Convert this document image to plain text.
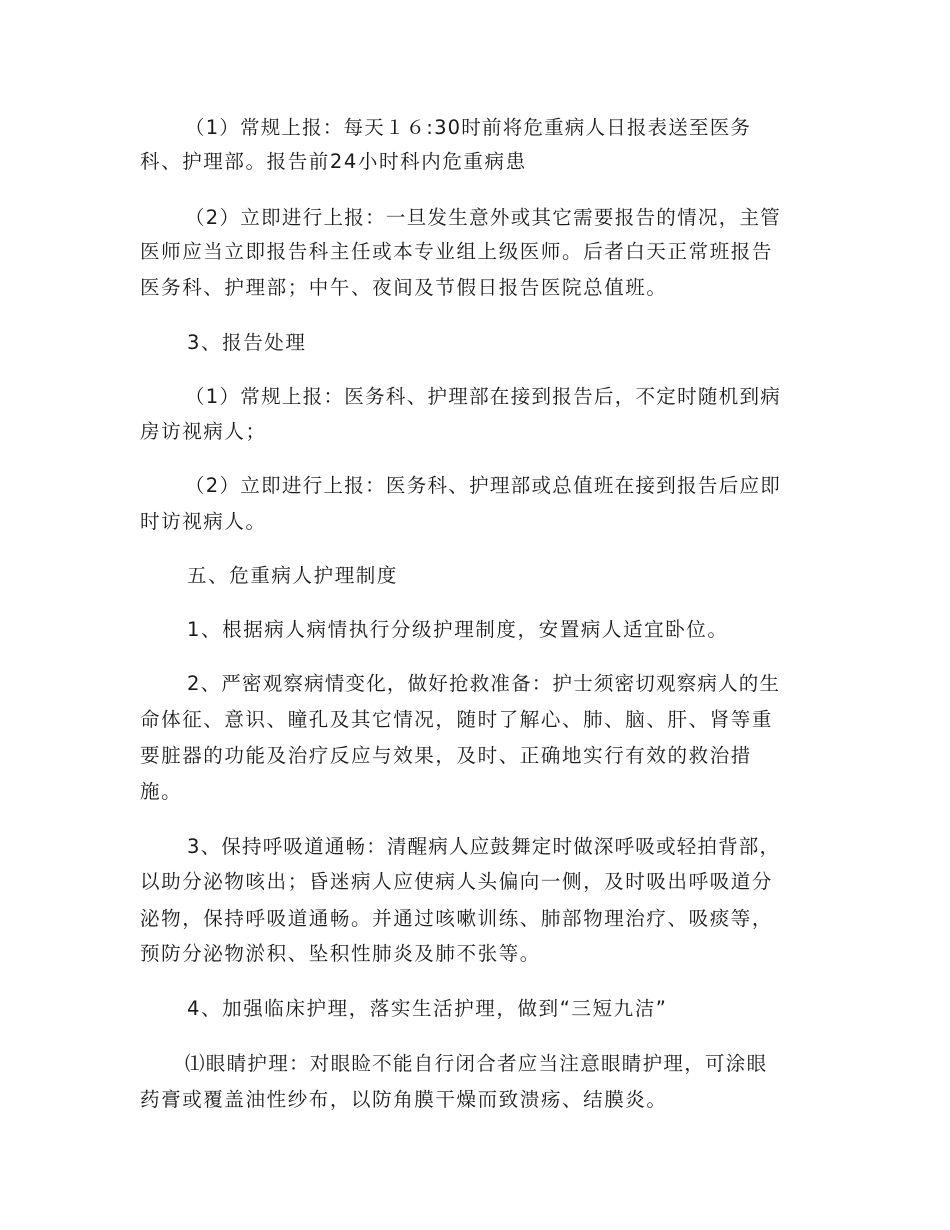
（1）常规上报：每天１６:30时前将危重病人日报表送至医务

科、护理部。报告前24小时科内危重病患

（2）立即进行上报：一旦发生意外或其它需要报告的情况，主管

医师应当立即报告科主任或本专业组上级医师。后者白天正常班报告

医务科、护理部；中午、夜间及节假日报告医院总值班。

3、报告处理

（1）常规上报：医务科、护理部在接到报告后，不定时随机到病

房访视病人；

（2）立即进行上报：医务科、护理部或总值班在接到报告后应即

时访视病人。

五、危重病人护理制度

1、根据病人病情执行分级护理制度，安置病人适宜卧位。

2、严密观察病情变化，做好抢救准备：护士须密切观察病人的生

命体征、意识、瞳孔及其它情况，随时了解心、肺、脑、肝、肾等重

要脏器的功能及治疗反应与效果，及时、正确地实行有效的救治措

施。

3、保持呼吸道通畅：清醒病人应鼓舞定时做深呼吸或轻拍背部，

以助分泌物咳出；昏迷病人应使病人头偏向一侧，及时吸出呼吸道分

泌物，保持呼吸道通畅。并通过咳嗽训练、肺部物理治疗、吸痰等，

预防分泌物淤积、坠积性肺炎及肺不张等。

4、加强临床护理，落实生活护理，做到“三短九洁”

⑴眼睛护理：对眼睑不能自行闭合者应当注意眼睛护理，可涂眼

药膏或覆盖油性纱布，以防角膜干燥而致溃疡、结膜炎。
